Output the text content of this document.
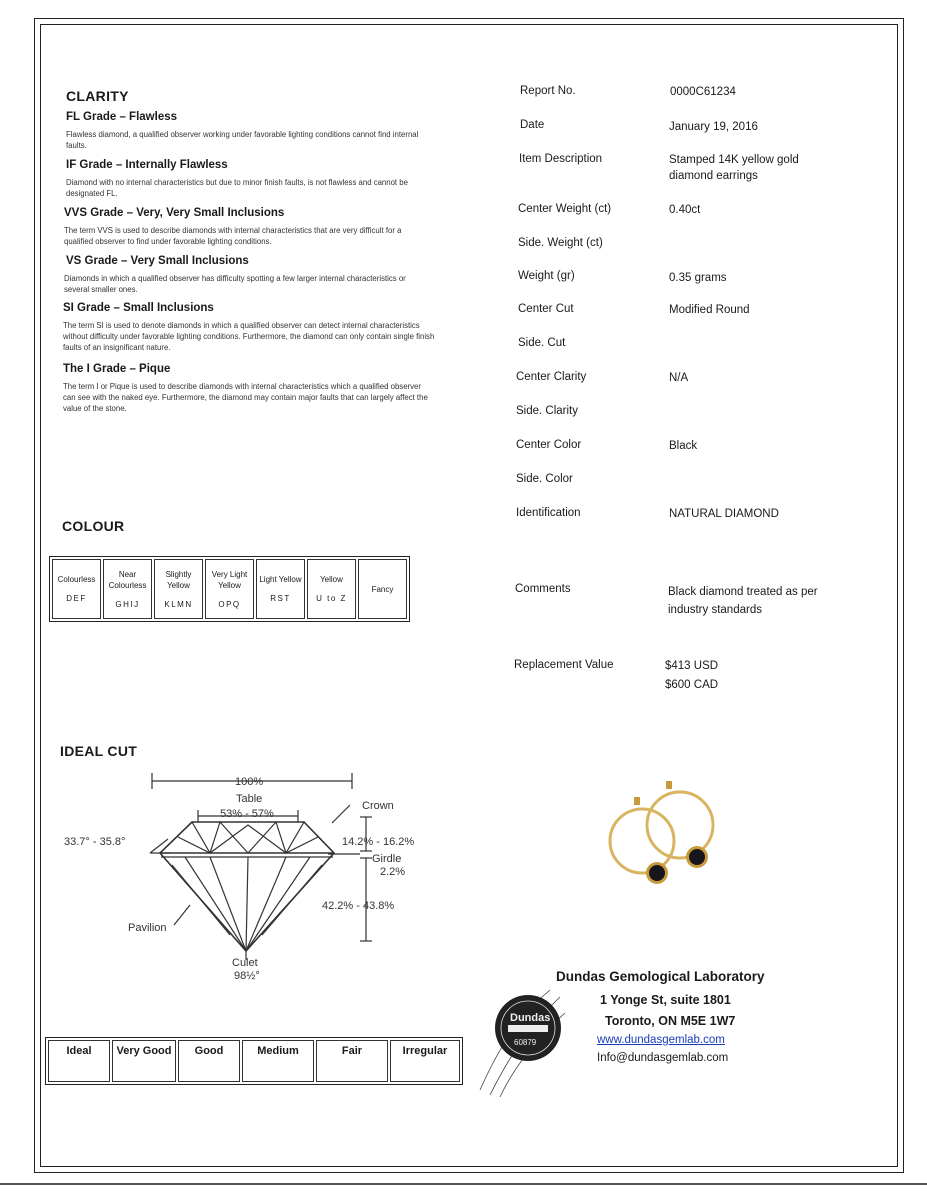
CLARITY
FL Grade – Flawless
Flawless diamond, a qualified observer working under favorable lighting conditions cannot find internal faults.
IF Grade – Internally Flawless
Diamond with no internal characteristics but due to minor finish faults, is not flawless and cannot be designated FL.
VVS Grade – Very, Very Small Inclusions
The term VVS is used to describe diamonds with internal characteristics that are very difficult for a qualified observer to find under favorable lighting conditions.
VS Grade – Very Small Inclusions
Diamonds in which a qualified observer has difficulty spotting a few larger internal characteristics or several smaller ones.
SI Grade – Small Inclusions
The term SI is used to denote diamonds in which a qualified observer can detect internal characteristics without difficulty under favorable lighting conditions. Furthermore, the diamond can only contain single finish faults of an insignificant nature.
The I Grade – Pique
The term I or Pique is used to describe diamonds with internal characteristics which a qualified observer can see with the naked eye. Furthermore, the diamond may contain major faults that can largely affect the value of the stone.
COLOUR
Colourless
DEF

Near Colourless
GHIJ

Slightly Yellow
KLMN

Very Light Yellow
OPQ

Light Yellow
RST

Yellow
U to Z

Fancy
IDEAL CUT
100%
Table
53% - 57%
Crown
33.7° - 35.8°	14.2% - 16.2%
Girdle
2.2%
42.2% - 43.8%
Pavilion
Culet
98½°
Ideal	Very Good	Good	Medium	Fair	Irregular
Report No.	0000C61234
Date	January 19, 2016
Item Description	Stamped 14K yellow gold diamond earrings
Center Weight (ct)	0.40ct
Side. Weight (ct)
Weight (gr)	0.35 grams
Center Cut	Modified Round
Side. Cut
Center Clarity	N/A
Side. Clarity
Center Color	Black
Side. Color
Identification	NATURAL DIAMOND
Comments	Black diamond treated as per industry standards
Replacement Value	$413 USD
$600 CAD
Dundas Gemological Laboratory
1 Yonge St, suite 1801
Toronto, ON M5E 1W7
www.dundasgemlab.com
Info@dundasgemlab.com
Dundas
60879
